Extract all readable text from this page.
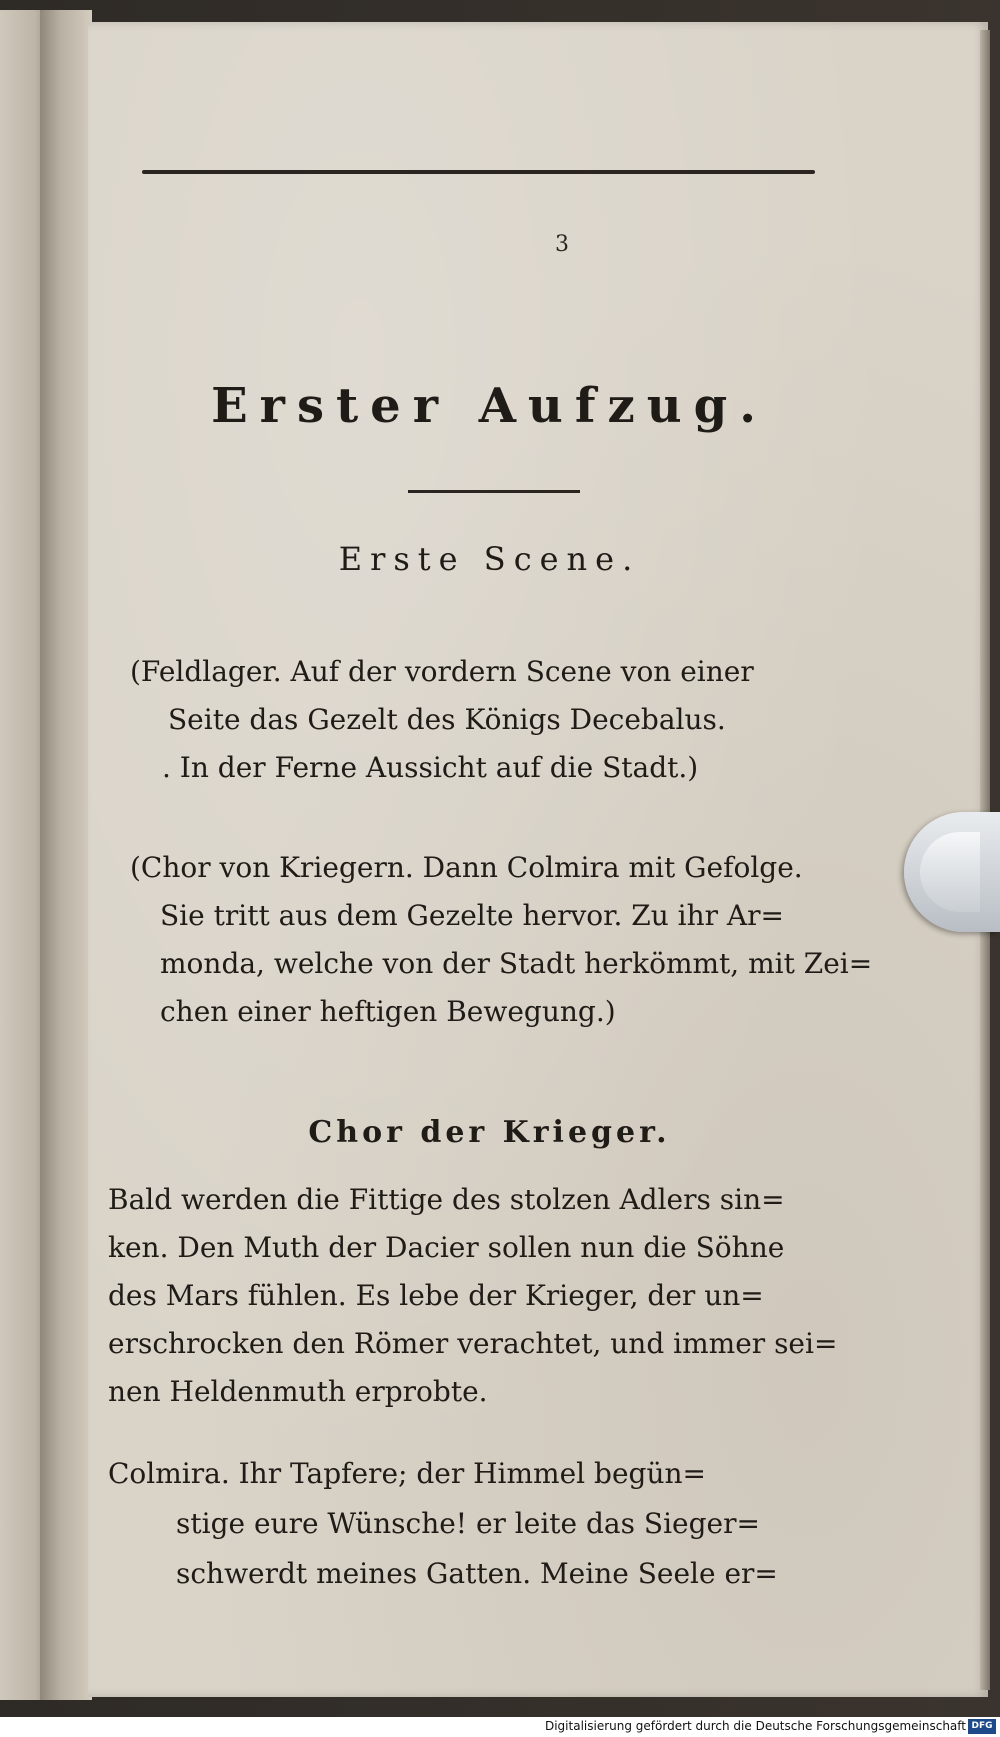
3
Erster Aufzug.
Erste Scene.
(Feldlager. Auf der vordern Scene von einer
Seite das Gezelt des Königs Decebalus.
. In der Ferne Aussicht auf die Stadt.)
(Chor von Kriegern. Dann Colmira mit Gefolge.
Sie tritt aus dem Gezelte hervor. Zu ihr Ar=
monda, welche von der Stadt herkömmt, mit Zei=
chen einer heftigen Bewegung.)
Chor der Krieger.
Bald werden die Fittige des stolzen Adlers sin=
ken. Den Muth der Dacier sollen nun die Söhne
des Mars fühlen. Es lebe der Krieger, der un=
erschrocken den Römer verachtet, und immer sei=
nen Heldenmuth erprobte.
Colmira. Ihr Tapfere; der Himmel begün=
stige eure Wünsche! er leite das Sieger=
schwerdt meines Gatten. Meine Seele er=
Digitalisierung gefördert durch die Deutsche Forschungsgemeinschaft DFG
